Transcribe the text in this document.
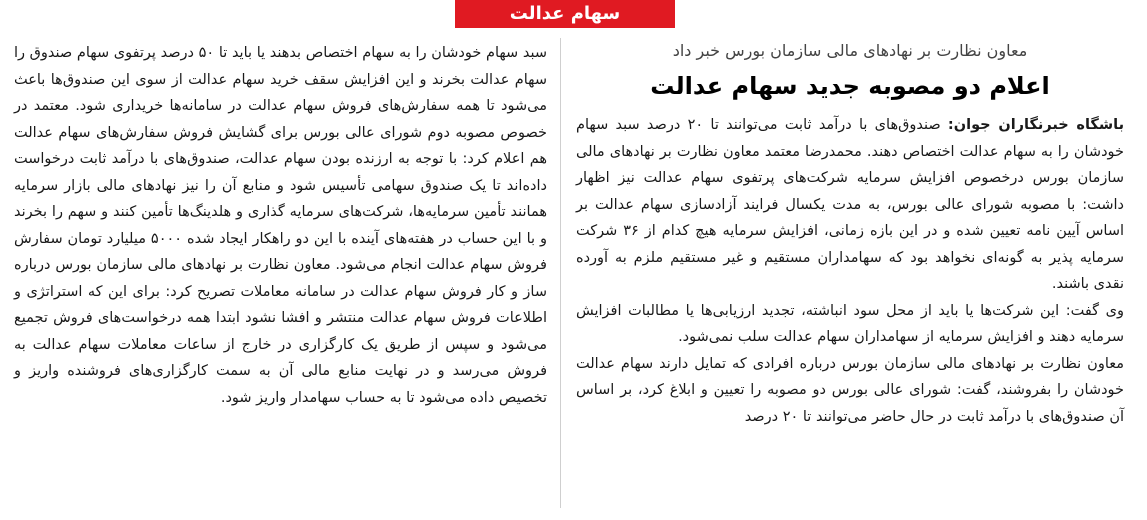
سهام عدالت
معاون نظارت بر نهادهای مالی سازمان بورس خبر داد
اعلام دو مصوبه جدید سهام عدالت

باشگاه خبرنگاران جوان: صندوق‌های با درآمد ثابت می‌توانند تا ۲۰ درصد سبد سهام خودشان را به سهام عدالت اختصاص دهند. محمدرضا معتمد معاون نظارت بر نهادهای مالی سازمان بورس درخصوص افزایش سرمایه شرکت‌های پرتفوی سهام عدالت نیز اظهار داشت: با مصوبه شورای عالی بورس، به مدت یکسال فرایند آزادسازی سهام عدالت بر اساس آیین نامه تعیین شده و در این بازه زمانی، افزایش سرمایه هیچ کدام از ۳۶ شرکت سرمایه پذیر به گونه‌ای نخواهد بود که سهامداران مستقیم و غیر مستقیم ملزم به آورده نقدی باشند.

وی گفت: این شرکت‌ها یا باید از محل سود انباشته، تجدید ارزیابی‌ها یا مطالبات افزایش سرمایه دهند و افزایش سرمایه از سهامداران سهام عدالت سلب نمی‌شود.

معاون نظارت بر نهادهای مالی سازمان بورس درباره افرادی که تمایل دارند سهام عدالت خودشان را بفروشند، گفت: شورای عالی بورس دو مصوبه را تعیین و ابلاغ کرد، بر اساس آن صندوق‌های با درآمد ثابت در حال حاضر می‌توانند تا ۲۰ درصد

سبد سهام خودشان را به سهام اختصاص بدهند یا باید تا ۵۰ درصد پرتفوی سهام صندوق را سهام عدالت بخرند و این افزایش سقف خرید سهام عدالت از سوی این صندوق‌ها باعث می‌شود تا همه سفارش‌های فروش سهام عدالت در سامانه‌ها خریداری شود. معتمد در خصوص مصوبه دوم شورای عالی بورس برای گشایش فروش سفارش‌های سهام عدالت هم اعلام کرد: با توجه به ارزنده بودن سهام عدالت، صندوق‌های با درآمد ثابت درخواست داده‌اند تا یک صندوق سهامی تأسیس شود و منابع آن را نیز نهادهای مالی بازار سرمایه همانند تأمین سرمایه‌ها، شرکت‌های سرمایه گذاری و هلدینگ‌ها تأمین کنند و سهم را بخرند و با این حساب در هفته‌های آینده با این دو راهکار ایجاد شده ۵۰۰۰ میلیارد تومان سفارش فروش سهام عدالت انجام می‌شود. معاون نظارت بر نهادهای مالی سازمان بورس درباره ساز و کار فروش سهام عدالت در سامانه معاملات تصریح کرد: برای این که استراتژی و اطلاعات فروش سهام عدالت منتشر و افشا نشود ابتدا همه درخواست‌های فروش تجمیع می‌شود و سپس از طریق یک کارگزاری در خارج از ساعات معاملات سهام عدالت به فروش می‌رسد و در نهایت منابع مالی آن به سمت کارگزاری‌های فروشنده واریز و تخصیص داده می‌شود تا به حساب سهامدار واریز شود.
